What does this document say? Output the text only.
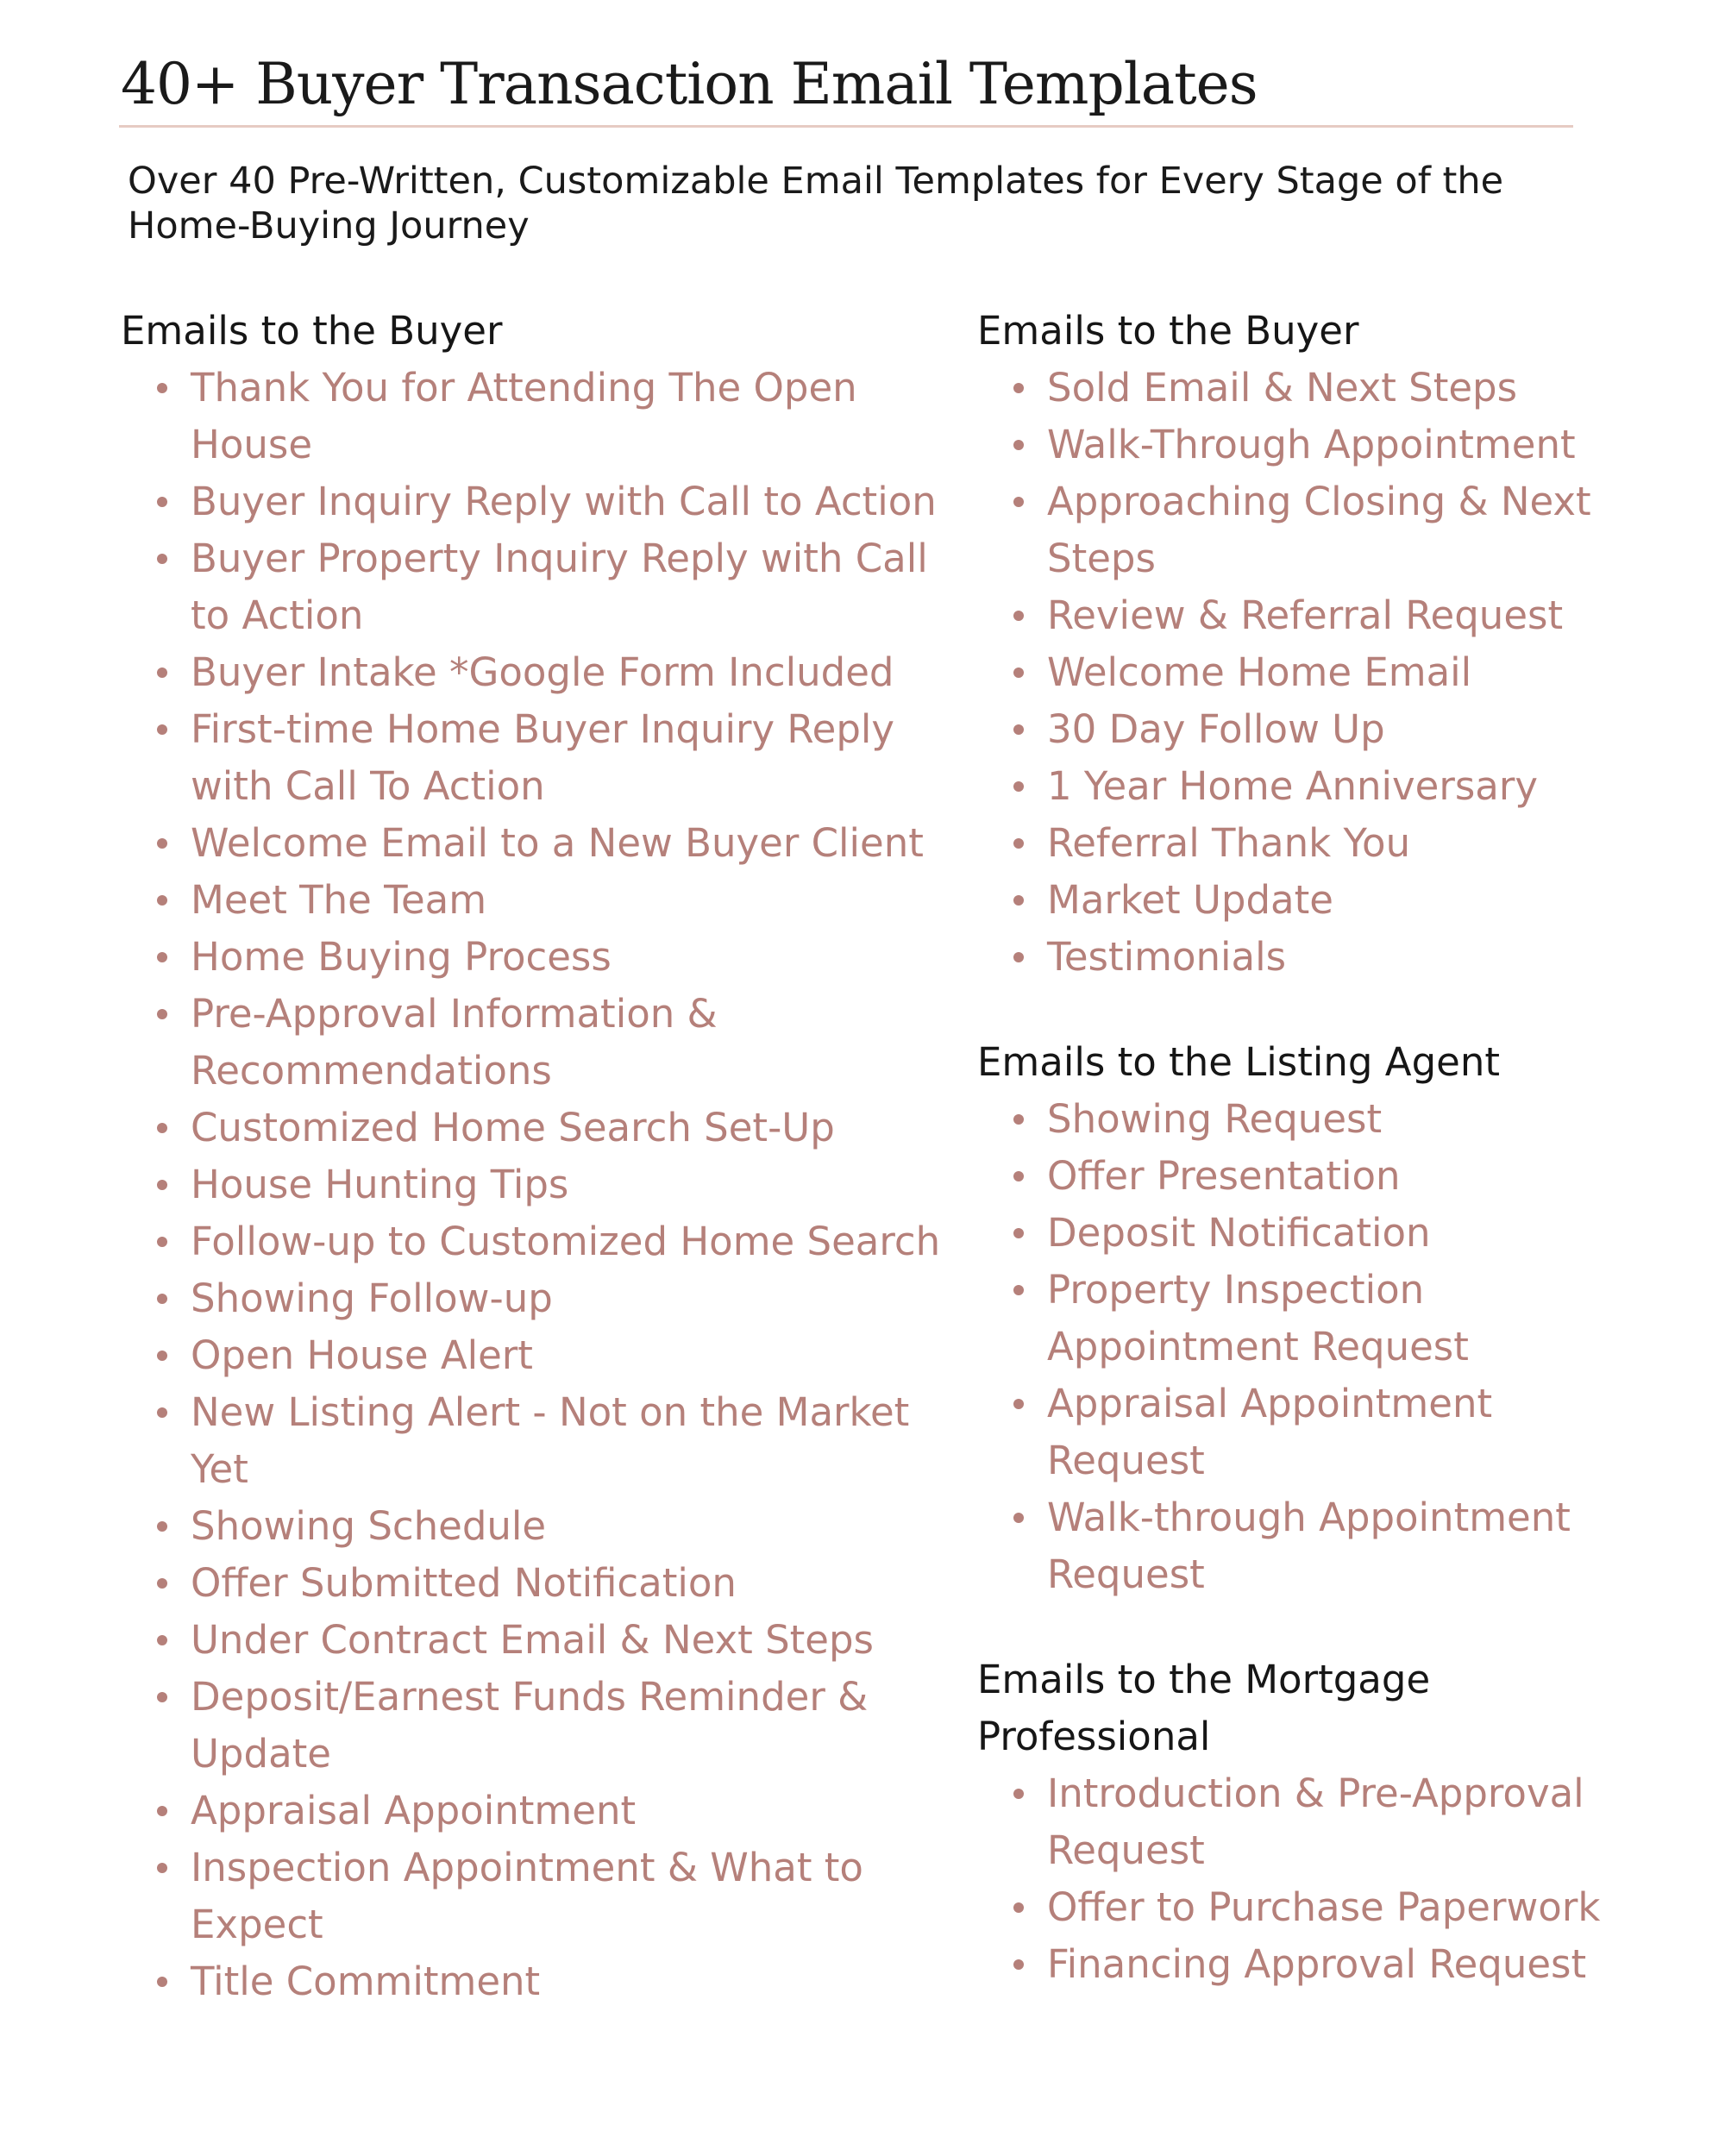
40+ Buyer Transaction Email Templates

Over 40 Pre-Written, Customizable Email Templates for Every Stage of the Home-Buying Journey

Emails to the Buyer
Thank You for Attending The Open House
Buyer Inquiry Reply with Call to Action
Buyer Property Inquiry Reply with Call to Action
Buyer Intake *Google Form Included
First-time Home Buyer Inquiry Reply with Call To Action
Welcome Email to a New Buyer Client
Meet The Team
Home Buying Process
Pre-Approval Information & Recommendations
Customized Home Search Set-Up
House Hunting Tips
Follow-up to Customized Home Search
Showing Follow-up
Open House Alert
New Listing Alert - Not on the Market Yet
Showing Schedule
Offer Submitted Notification
Under Contract Email & Next Steps
Deposit/Earnest Funds Reminder & Update
Appraisal Appointment
Inspection Appointment & What to Expect
Title Commitment
Emails to the Buyer
Sold Email & Next Steps
Walk-Through Appointment
Approaching Closing & Next Steps
Review & Referral Request
Welcome Home Email
30 Day Follow Up
1 Year Home Anniversary
Referral Thank You
Market Update
Testimonials
Emails to the Listing Agent
Showing Request
Offer Presentation
Deposit Notification
Property Inspection Appointment Request
Appraisal Appointment Request
Walk-through Appointment Request
Emails to the Mortgage Professional
Introduction & Pre-Approval Request
Offer to Purchase Paperwork
Financing Approval Request
